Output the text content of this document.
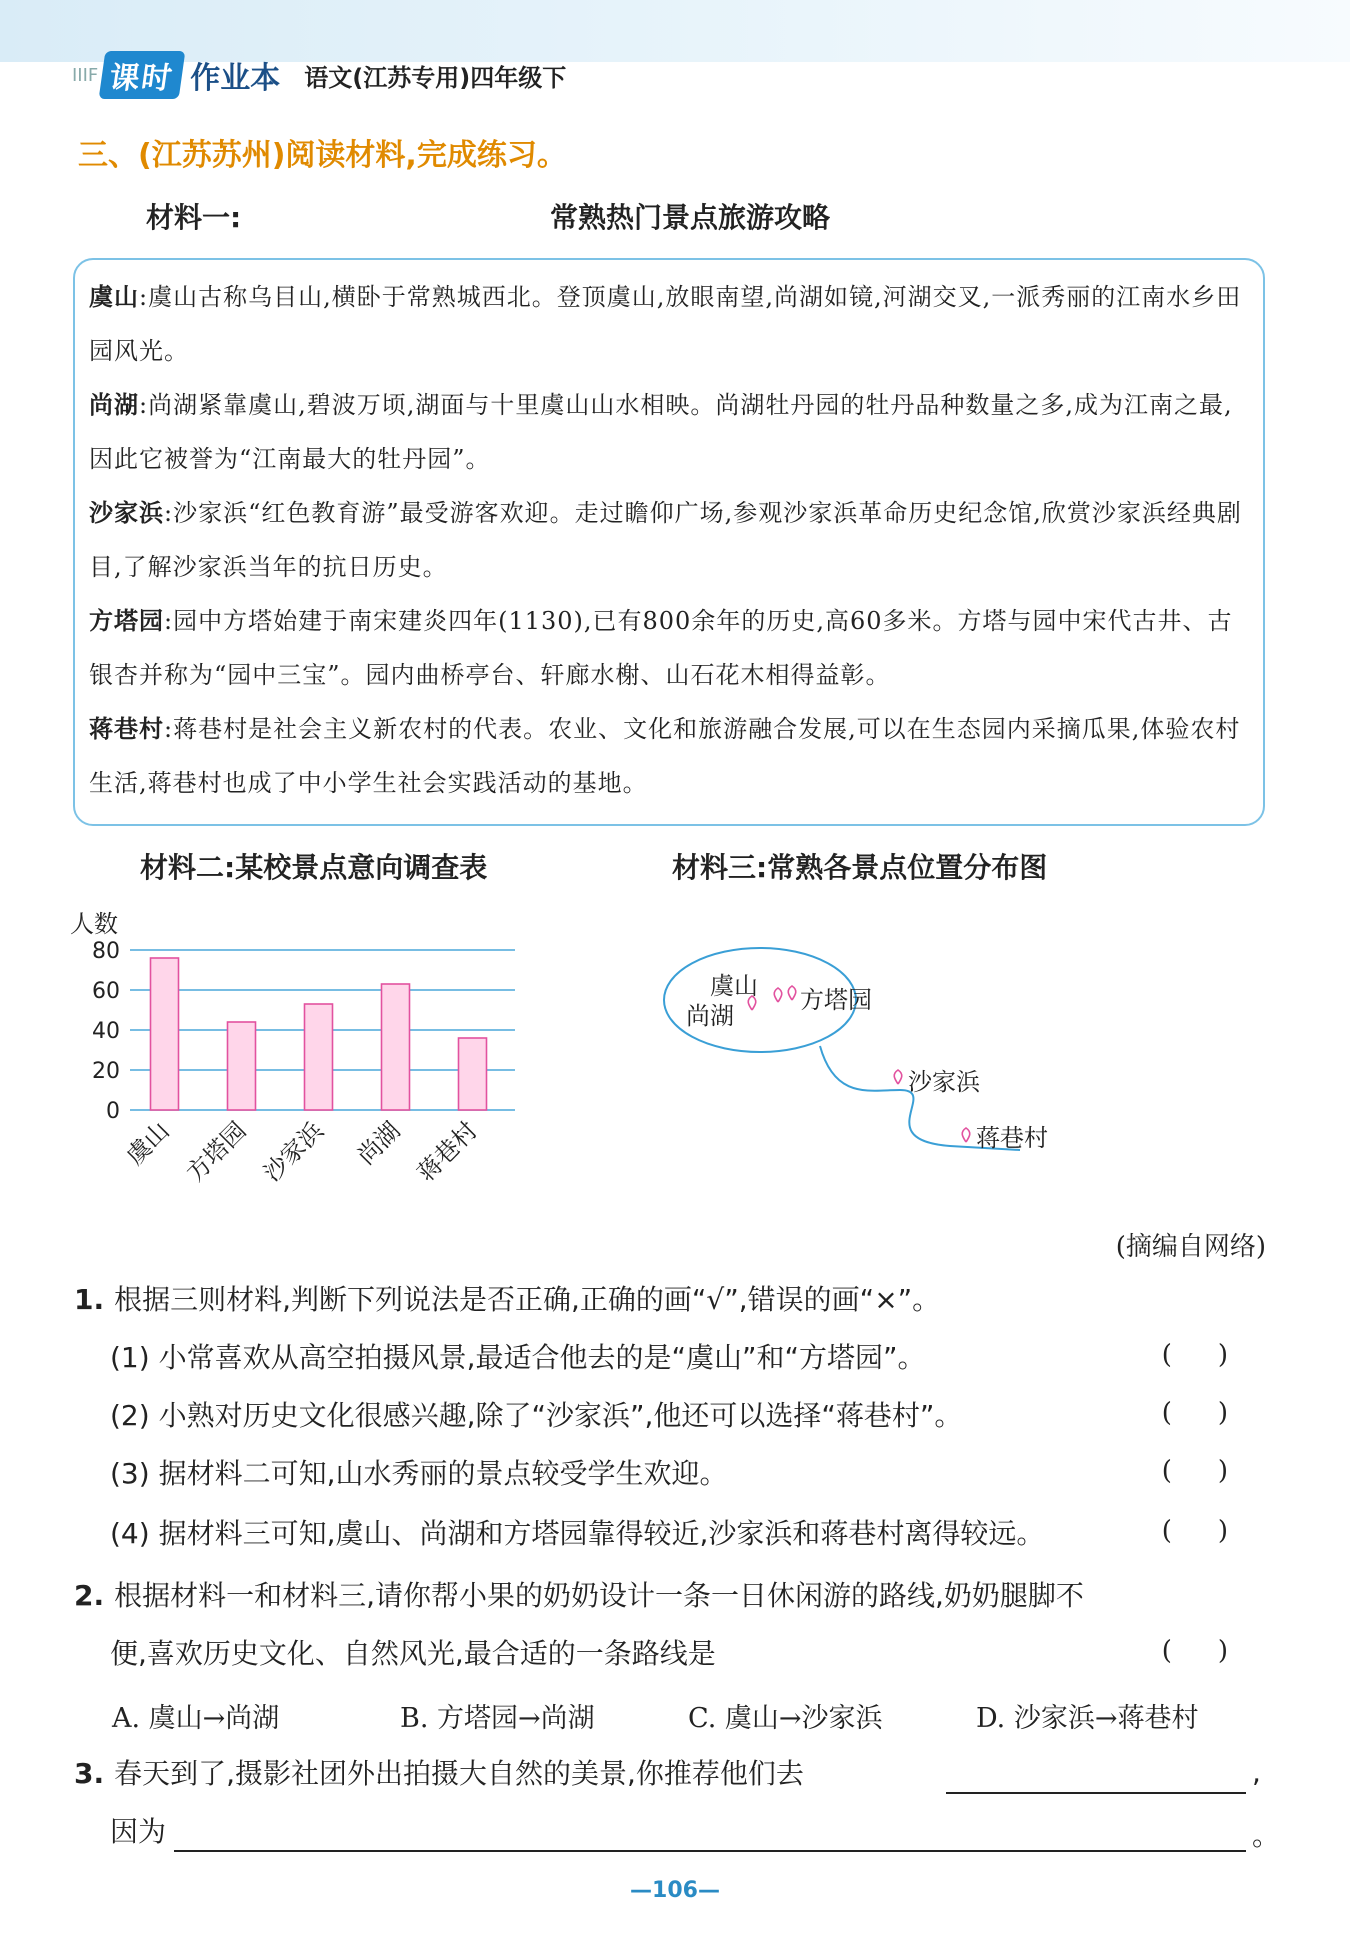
IIIF 课时 作业本 语文(江苏专用)四年级下
三、(江苏苏州)阅读材料,完成练习。
材料一:	常熟热门景点旅游攻略
虞山:虞山古称乌目山,横卧于常熟城西北。登顶虞山,放眼南望,尚湖如镜,河湖交叉,一派秀丽的江南水乡田园风光。
尚湖:尚湖紧靠虞山,碧波万顷,湖面与十里虞山山水相映。尚湖牡丹园的牡丹品种数量之多,成为江南之最,因此它被誉为“江南最大的牡丹园”。
沙家浜:沙家浜“红色教育游”最受游客欢迎。走过瞻仰广场,参观沙家浜革命历史纪念馆,欣赏沙家浜经典剧目,了解沙家浜当年的抗日历史。
方塔园:园中方塔始建于南宋建炎四年(1130),已有800余年的历史,高60多米。方塔与园中宋代古井、古银杏并称为“园中三宝”。园内曲桥亭台、轩廊水榭、山石花木相得益彰。
蒋巷村:蒋巷村是社会主义新农村的代表。农业、文化和旅游融合发展,可以在生态园内采摘瓜果,体验农村生活,蒋巷村也成了中小学生社会实践活动的基地。
材料二:某校景点意向调查表	材料三:常熟各景点位置分布图
人数
0
20
40
60
80
虞山 方塔园 沙家浜 尚湖 蒋巷村
虞山
尚湖
方塔园
沙家浜
蒋巷村
(摘编自网络)
1. 根据三则材料,判断下列说法是否正确,正确的画“√”,错误的画“×”。
(1) 小常喜欢从高空拍摄风景,最适合他去的是“虞山”和“方塔园”。	()
(2) 小熟对历史文化很感兴趣,除了“沙家浜”,他还可以选择“蒋巷村”。	()
(3) 据材料二可知,山水秀丽的景点较受学生欢迎。	()
(4) 据材料三可知,虞山、尚湖和方塔园靠得较近,沙家浜和蒋巷村离得较远。	()
2. 根据材料一和材料三,请你帮小果的奶奶设计一条一日休闲游的路线,奶奶腿脚不
便,喜欢历史文化、自然风光,最合适的一条路线是	()
A. 虞山→尚湖	B. 方塔园→尚湖	C. 虞山→沙家浜	D. 沙家浜→蒋巷村
3. 春天到了,摄影社团外出拍摄大自然的美景,你推荐他们去	,
因为	。
—106—
